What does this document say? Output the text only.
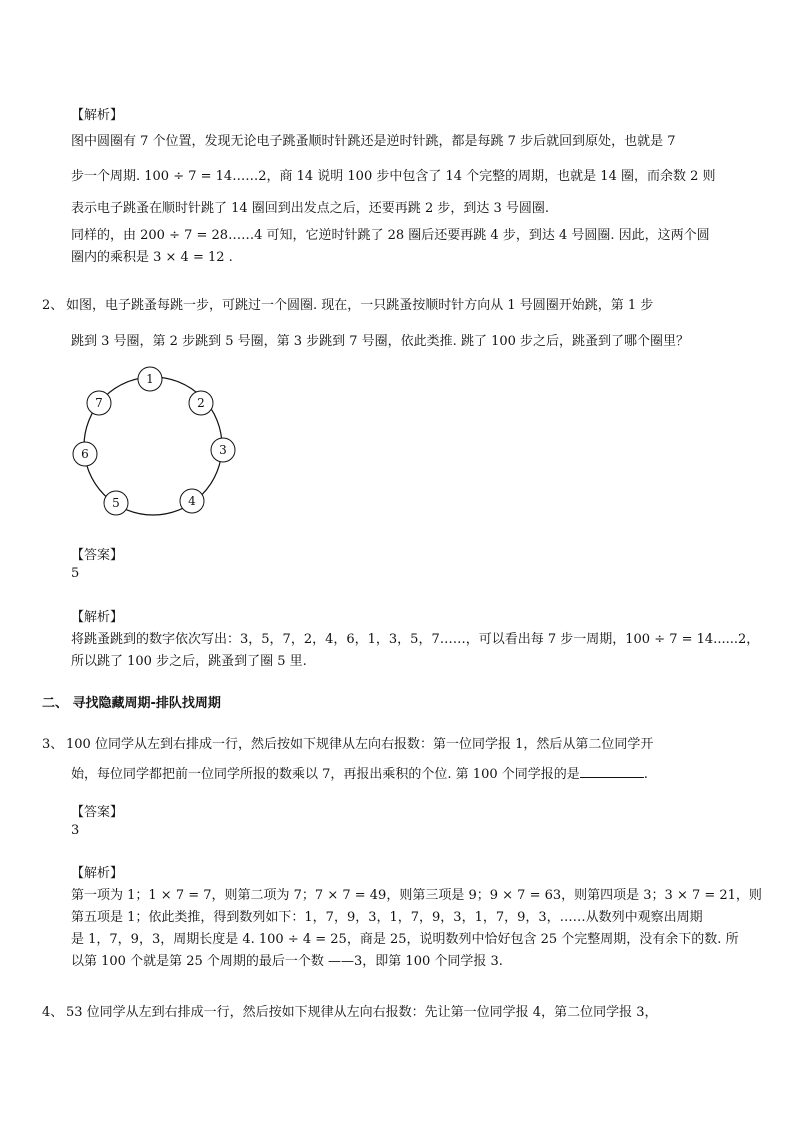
【解析】
图中圆圈有 7 个位置，发现无论电子跳蚤顺时针跳还是逆时针跳，都是每跳 7 步后就回到原处，也就是 7
步一个周期. 100 ÷ 7 = 14……2，商 14 说明 100 步中包含了 14 个完整的周期，也就是 14 圈，而余数 2 则
表示电子跳蚤在顺时针跳了 14 圈回到出发点之后，还要再跳 2 步，到达 3 号圆圈.
同样的，由 200 ÷ 7 = 28……4 可知，它逆时针跳了 28 圈后还要再跳 4 步，到达 4 号圆圈. 因此，这两个圆
圈内的乘积是 3 × 4 = 12 .
2、 如图，电子跳蚤每跳一步，可跳过一个圆圈. 现在，一只跳蚤按顺时针方向从 1 号圆圈开始跳，第 1 步
跳到 3 号圈，第 2 步跳到 5 号圈，第 3 步跳到 7 号圈，依此类推. 跳了 100 步之后，跳蚤到了哪个圈里？
1
2
3
4
5
6
7
【答案】
5
【解析】
将跳蚤跳到的数字依次写出：3，5，7，2，4，6，1，3，5，7……，可以看出每 7 步一周期，100 ÷ 7 = 14......2，
所以跳了 100 步之后，跳蚤到了圈 5 里.
二、 寻找隐藏周期-排队找周期
3、 100 位同学从左到右排成一行，然后按如下规律从左向右报数：第一位同学报 1，然后从第二位同学开
始，每位同学都把前一位同学所报的数乘以 7，再报出乘积的个位. 第 100 个同学报的是	.
【答案】
3
【解析】
第一项为 1；1 × 7 = 7，则第二项为 7；7 × 7 = 49，则第三项是 9；9 × 7 = 63，则第四项是 3；3 × 7 = 21，则
第五项是 1；依此类推，得到数列如下：1，7，9，3，1，7，9，3，1，7，9，3，……从数列中观察出周期
是 1，7，9，3，周期长度是 4. 100 ÷ 4 = 25，商是 25，说明数列中恰好包含 25 个完整周期，没有余下的数. 所
以第 100 个就是第 25 个周期的最后一个数 ——3，即第 100 个同学报 3.
4、 53 位同学从左到右排成一行，然后按如下规律从左向右报数：先让第一位同学报 4，第二位同学报 3，
